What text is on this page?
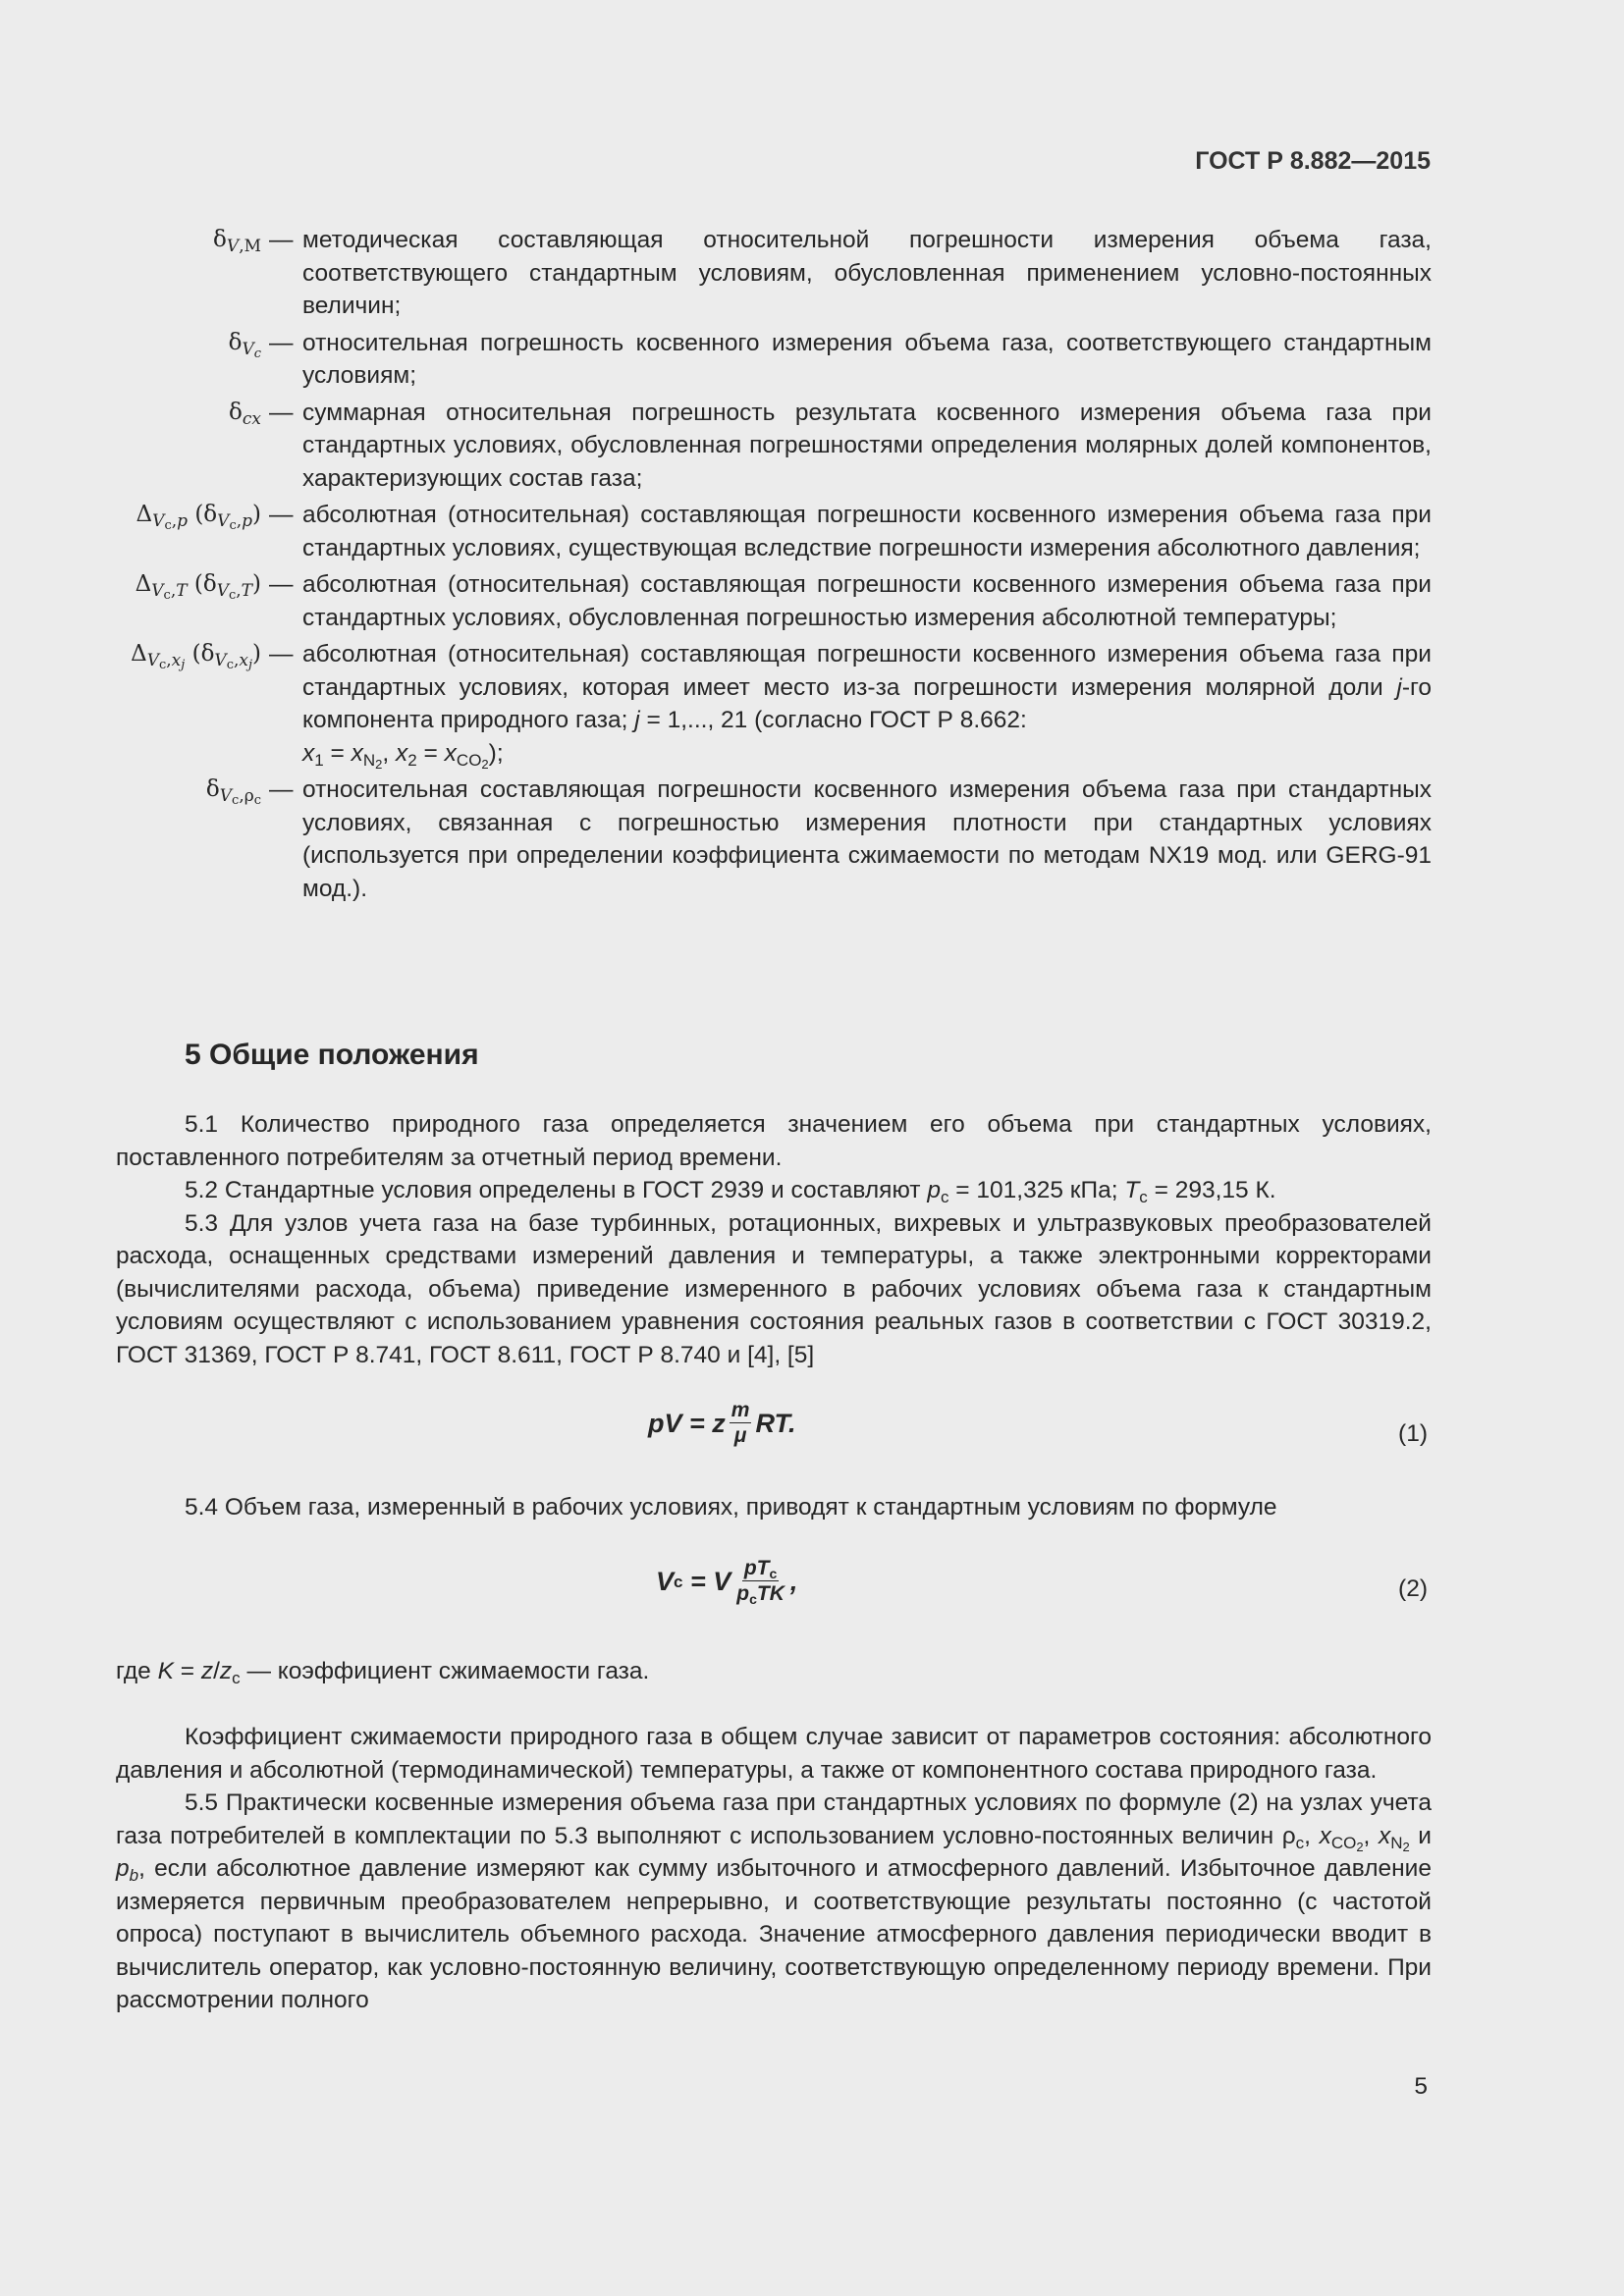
ГОСТ Р 8.882—2015
$\delta_{V,М}$ — методическая составляющая относительной погрешности измерения объема газа, соответствующего стандартным условиям, обусловленная применением условно-постоянных величин;
$\delta_{V_c}$ — относительная погрешность косвенного измерения объема газа, соответствующего стандартным условиям;
$\delta_{cx}$ — суммарная относительная погрешность результата косвенного измерения объема газа при стандартных условиях, обусловленная погрешностями определения молярных долей компонентов, характеризующих состав газа;
$\Delta_{V_с,p}$ $(\delta_{V_с,p})$ — абсолютная (относительная) составляющая погрешности косвенного измерения объема газа при стандартных условиях, существующая вследствие погрешности измерения абсолютного давления;
$\Delta_{V_с,T}$ $(\delta_{V_с,T})$ — абсолютная (относительная) составляющая погрешности косвенного измерения объема газа при стандартных условиях, обусловленная погрешностью измерения абсолютной температуры;
$\Delta_{V_с,x_j}$ $(\delta_{V_с,x_j})$ — абсолютная (относительная) составляющая погрешности косвенного измерения объема газа при стандартных условиях, которая имеет место из-за погрешности измерения молярной доли j-го компонента природного газа; j = 1,..., 21 (согласно ГОСТ Р 8.662:
$x_1 = x_{N_2}$, $x_2 = x_{CO_2}$);
$\delta_{V_с,\rho_с}$ — относительная составляющая погрешности косвенного измерения объема газа при стандартных условиях, связанная с погрешностью измерения плотности при стандартных условиях (используется при определении коэффициента сжимаемости по методам NX19 мод. или GERG-91 мод.).
5 Общие положения

5.1 Количество природного газа определяется значением его объема при стандартных условиях, поставленного потребителям за отчетный период времени.

5.2 Стандартные условия определены в ГОСТ 2939 и составляют $p_с = 101,325$ кПа; $T_с = 293,15$ К.

5.3 Для узлов учета газа на базе турбинных, ротационных, вихревых и ультразвуковых преобразователей расхода, оснащенных средствами измерений давления и температуры, а также электронными корректорами (вычислителями расхода, объема) приведение измеренного в рабочих условиях объема газа к стандартным условиям осуществляют с использованием уравнения состояния реальных газов в соответствии с ГОСТ 30319.2, ГОСТ 31369, ГОСТ Р 8.741, ГОСТ 8.611, ГОСТ Р 8.740 и [4], [5]

pV = z $\frac{m}{\mu}$ RT.	(1)

5.4 Объем газа, измеренный в рабочих условиях, приводят к стандартным условиям по формуле

V c = V $\frac{pT_c}{p_cTK}$ ,	(2)

где $K = z/z_с$ — коэффициент сжимаемости газа.

Коэффициент сжимаемости природного газа в общем случае зависит от параметров состояния: абсолютного давления и абсолютной (термодинамической) температуры, а также от компонентного состава природного газа.

5.5 Практически косвенные измерения объема газа при стандартных условиях по формуле (2) на узлах учета газа потребителей в комплектации по 5.3 выполняют с использованием условно-постоянных величин $\rho_с$, $x_{CO_2}$, $x_{N_2}$ и $p_b$, если абсолютное давление измеряют как сумму избыточного и атмосферного давлений. Избыточное давление измеряется первичным преобразователем непрерывно, и соответствующие результаты постоянно (с частотой опроса) поступают в вычислитель объемного расхода. Значение атмосферного давления периодически вводит в вычислитель оператор, как условно-постоянную величину, соответствующую определенному периоду времени. При рассмотрении полного

5
